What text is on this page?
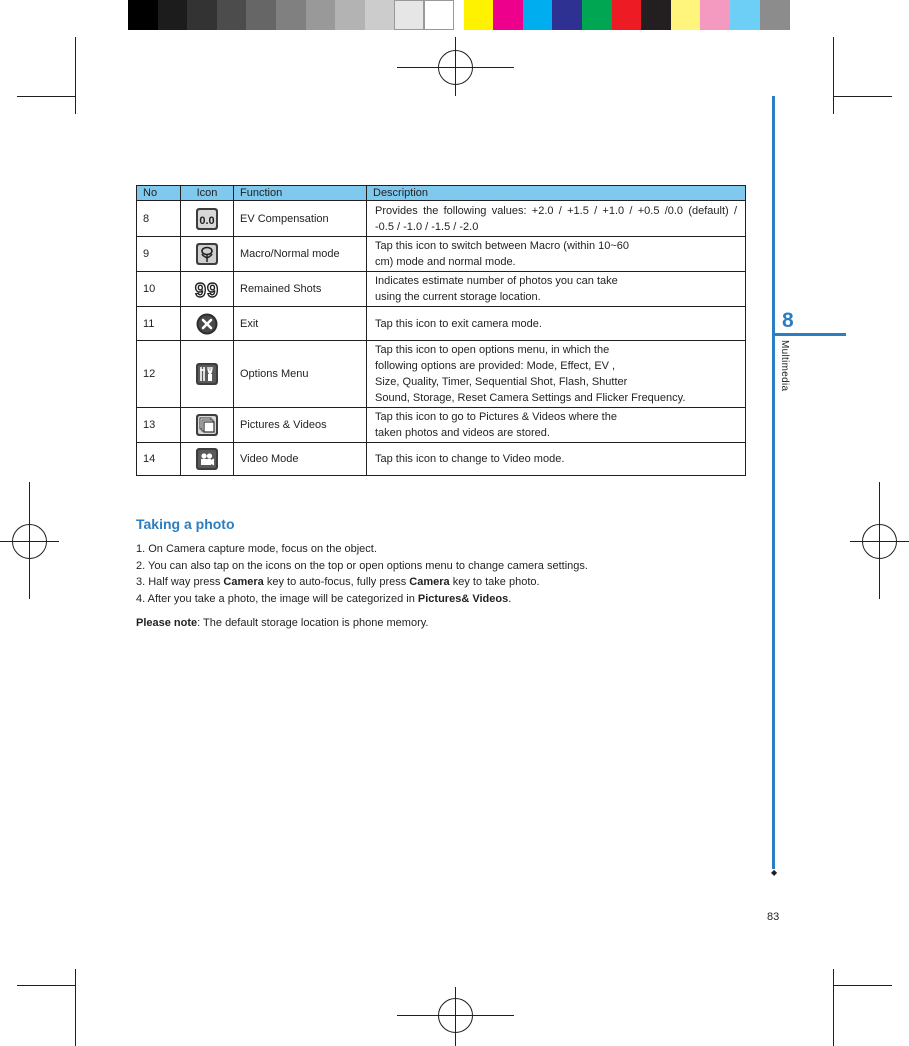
8
Multimedia
◆
83
No	Icon	Function	Description
8	0.0	EV Compensation	Provides the following values: +2.0 / +1.5 / +1.0 / +0.5 /0.0 (default) /
-0.5 / -1.0 / -1.5 / -2.0

9		Macro/Normal mode	Tap this icon to switch between Macro (within 10~60
cm) mode and normal mode.

10	99	Remained Shots	Indicates estimate number of photos you can take
using the current storage location.

11		Exit	Tap this icon to exit camera mode.

12		Options Menu	Tap this icon to open options menu, in which the
following options are provided: Mode, Effect, EV ,
Size, Quality, Timer, Sequential Shot, Flash, Shutter
Sound, Storage, Reset Camera Settings and Flicker Frequency.

13		Pictures & Videos	Tap this icon to go to Pictures & Videos where the
taken photos and videos are stored.

14		Video Mode	Tap this icon to change to Video mode.
Taking a photo
1. On Camera capture mode, focus on the object.
2. You can also tap on the icons on the top or open options menu to change camera settings.
3. Half way press Camera key to auto-focus, fully press Camera key to take photo.
4. After you take a photo, the image will be categorized in Pictures& Videos.
Please note: The default storage location is phone memory.
